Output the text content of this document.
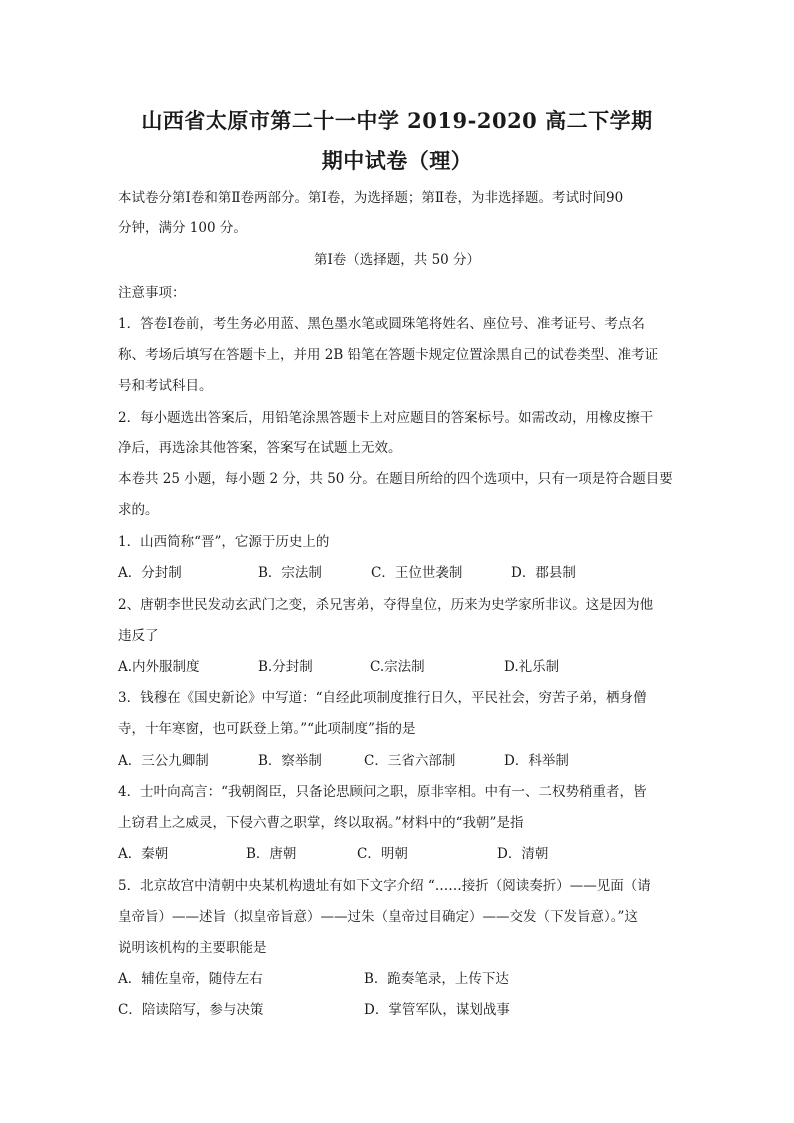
山西省太原市第二十一中学 2019-2020 高二下学期
期中试卷（理）
本试卷分第Ⅰ卷和第Ⅱ卷两部分。第Ⅰ卷，为选择题；第Ⅱ卷，为非选择题。考试时间90
分钟，满分 100 分。
第Ⅰ卷（选择题，共 50 分）
注意事项：
1．答卷Ⅰ卷前，考生务必用蓝、黑色墨水笔或圆珠笔将姓名、座位号、准考证号、考点名
称、考场后填写在答题卡上，并用 2B 铅笔在答题卡规定位置涂黑自己的试卷类型、准考证
号和考试科目。
2．每小题选出答案后，用铅笔涂黑答题卡上对应题目的答案标号。如需改动，用橡皮擦干
净后，再选涂其他答案，答案写在试题上无效。
本卷共 25 小题，每小题 2 分，共 50 分。在题目所给的四个选项中，只有一项是符合题目要
求的。
1．山西简称“晋”，它源于历史上的
A．分封制	B．宗法制	C．王位世袭制	D．郡县制
2、唐朝李世民发动玄武门之变，杀兄害弟，夺得皇位，历来为史学家所非议。这是因为他
违反了
A.内外服制度	B.分封制	C.宗法制	D.礼乐制
3．钱穆在《国史新论》中写道：“自经此项制度推行日久，平民社会，穷苦子弟，栖身僧
寺，十年寒窗，也可跃登上第。”“此项制度”指的是
A．三公九卿制	B．察举制	C．三省六部制	D．科举制
4．士叶向高言：“我朝阁臣，只备论思顾问之职，原非宰相。中有一、二权势稍重者，皆
上窃君上之威灵，下侵六曹之职掌，终以取祸。”材料中的“我朝”是指
A．秦朝	B．唐朝	C．明朝	D．清朝
5．北京故宫中清朝中央某机构遗址有如下文字介绍 “……接折（阅读奏折）——见面（请
皇帝旨）——述旨（拟皇帝旨意）——过朱（皇帝过目确定）——交发（下发旨意）。”这
说明该机构的主要职能是
A．辅佐皇帝，随侍左右	B．跪奏笔录，上传下达
C．陪读陪写，参与决策	D．掌管军队，谋划战事
